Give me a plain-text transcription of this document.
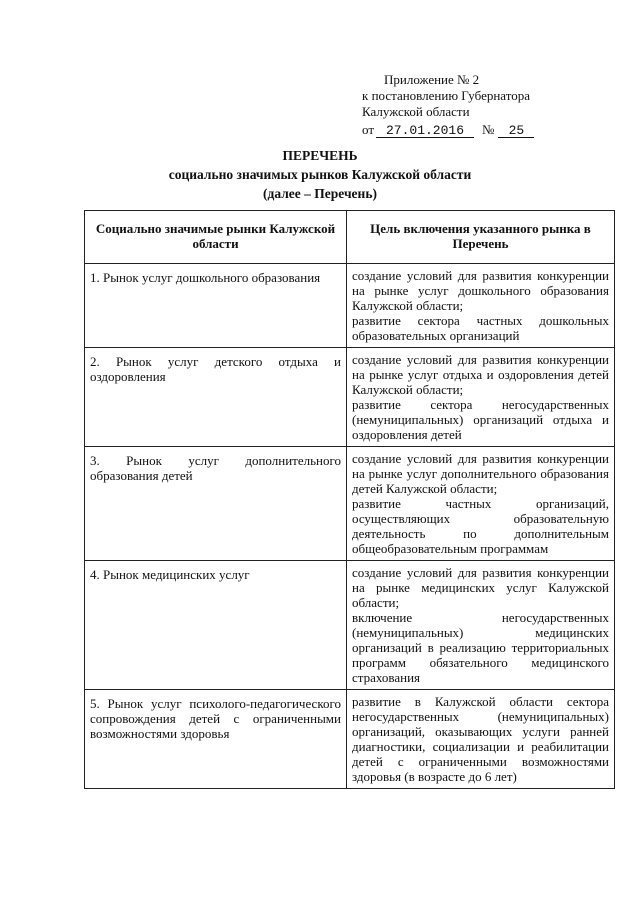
Приложение № 2
к постановлению Губернатора
Калужской области
от 27.01.2016 № 25
ПЕРЕЧЕНЬ
социально значимых рынков Калужской области
(далее – Перечень)
Социально значимые рынки Калужской области	Цель включения указанного рынка в Перечень
1. Рынок услуг дошкольного образования	создание условий для развития конкуренции на рынке услуг дошкольного образования Калужской области;
развитие сектора частных дошкольных образовательных организаций

2. Рынок услуг детского отдыха и оздоровления	создание условий для развития конкуренции на рынке услуг отдыха и оздоровления детей Калужской области;
развитие сектора негосударственных (немуниципальных) организаций отдыха и оздоровления детей

3. Рынок услуг дополнительного образования детей	создание условий для развития конкуренции на рынке услуг дополнительного образования детей Калужской области;
развитие частных организаций, осуществляющих образовательную деятельность по дополнительным общеобразовательным программам

4. Рынок медицинских услуг	создание условий для развития конкуренции на рынке медицинских услуг Калужской области;
включение негосударственных (немуниципальных) медицинских организаций в реализацию территориальных программ обязательного медицинского страхования

5. Рынок услуг психолого-педагогического сопровождения детей с ограниченными возможностями здоровья	развитие в Калужской области сектора негосударственных (немуниципальных) организаций, оказывающих услуги ранней диагностики, социализации и реабилитации детей с ограниченными возможностями здоровья (в возрасте до 6 лет)
